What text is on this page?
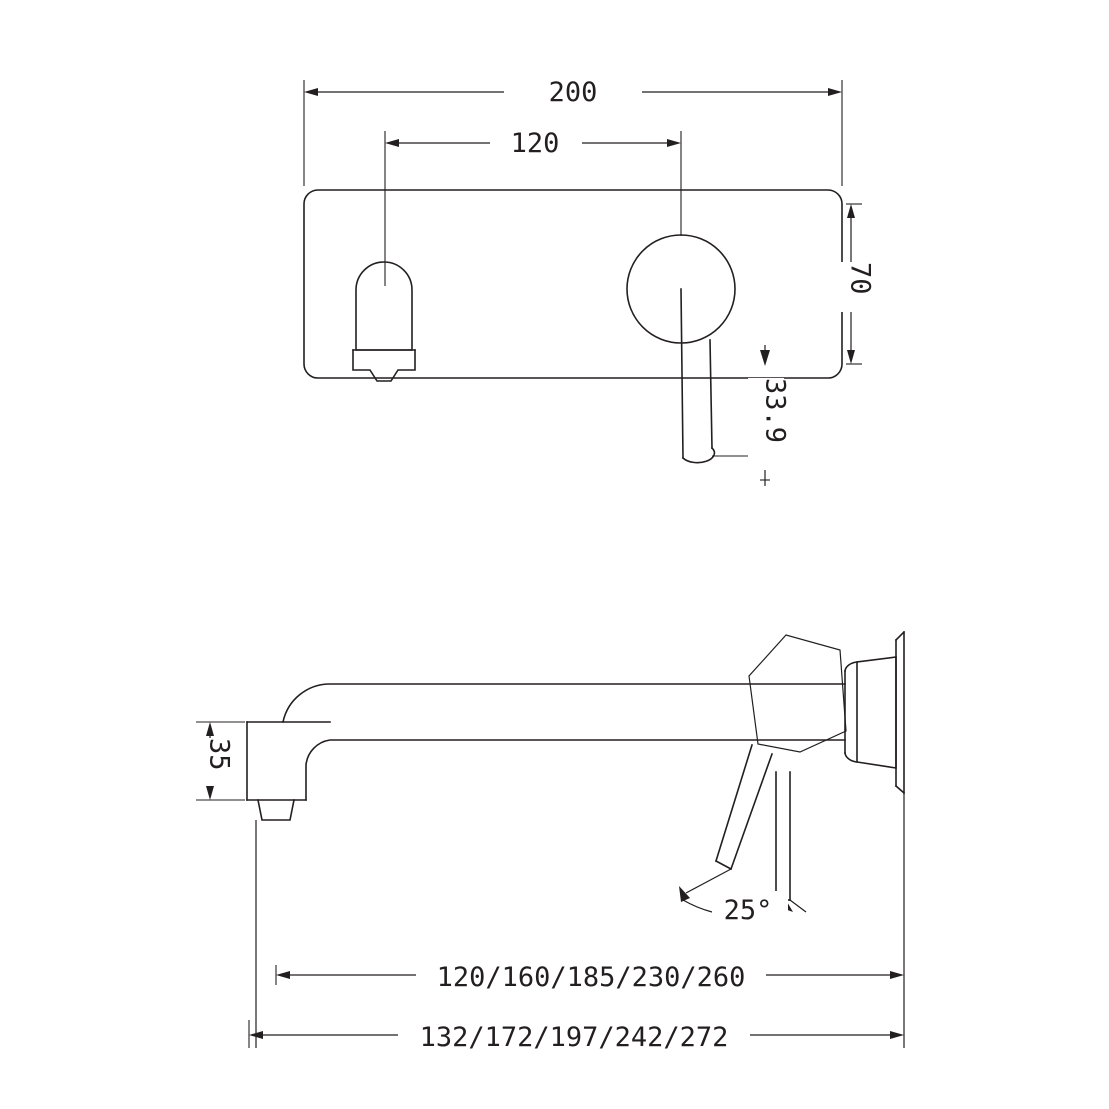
200
120
70
33.9
35
25°
120/160/185/230/260
132/172/197/242/272
